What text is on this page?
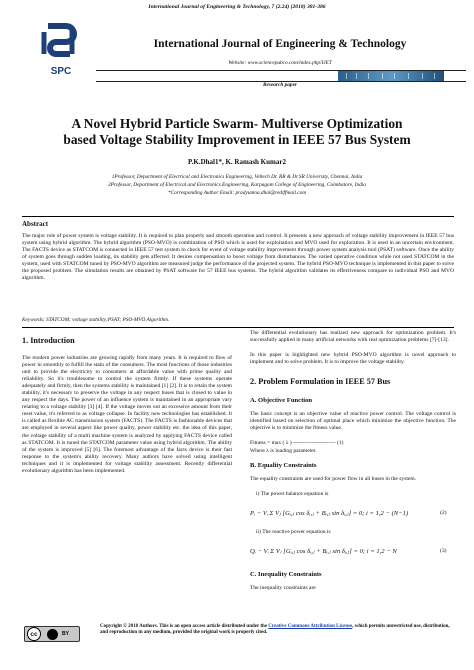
International Journal of Engineering & Technology, 7 (2.24) (2018) 381-386
SPC
International Journal of Engineering & Technology
Website: www.sciencepubco.com/index.php/IJET
Research paper
A Novel Hybrid Particle Swarm- Multiverse Optimization
based Voltage Stability Improvement in IEEE 57 Bus System
P.K.Dhal1*, K. Ramash Kumar2
1Professor, Department of Electrical and Electronics Engineering, Veltech Dr. RR & Dr.SR University, Chennai, India
2Professor, Department of Electrical and Electronics Engineering, Karpagam College of Engineering, Coimbatore, India
*Corresponding Author Email: pradyumna.dhal@rediffmail.com
Abstract
The major role of power system is voltage stability. It is required to plan properly and smooth operation and control. It presents a new approach of voltage stability improvement in IEEE 57 bus system using hybrid algorithm. The hybrid algorithm (PSO-MVO) is combination of PSO which is used for exploitation and MVO used for exploration. It is used in an uncertain environment. The FACTS device as STATCOM is connected in IEEE 57 test system to check for event of voltage stability improvement through power system analysis tool (PSAT) software. Once the ability of system goes through sudden loading, its stability gets affected. It desires compensation to boost voltage from disturbances. The varied operative condition while not used STATCOM in the system, used with STATCOM tuned by PSO-MVO algorithm are measured judge the performance of the projected system. The hybrid PSO-MVO technique is implemented in this paper to solve the proposed problem. The simulation results are obtained by PSAT software for 57 IEEE bus systems. The hybrid algorithm validates its effectiveness compare to individual PSO and MVO algorithm.
Keywords: STATCOM; voltage stability;PSAT; PSO-MVO Algorithm.
1. Introduction
The modern power industries are growing rapidly from many years. It is required to flow of power in smoothly to fulfill the stain of the consumers. The most functions of those industries unit to provide the electricity to consumers at affordable value with prime quality and reliability. So it's troublesome to control the system firmly. If these systems operate adequately and firmly, then the systems stability is maintained [1] [2]. It is to retain the system stability, it's necessary to preserve the voltage in any respect buses that is closed to value in any respect the days. The power of an influence system is maintained in an appropriate vary relating to a voltage stability [3] [4]. If the voltage moves out an excessive amount from their reset value, it's referred to as voltage collapse. In facility new technologies has established. It is called as flexible AC transmission system (FACTS). The FACTS is fashionable devices that are employed in several aspect like power quality, power stability etc. the idea of this paper, the voltage stability of a multi machine system is analyzed by applying FACTS device called as STATCOM. It is tuned the STATCOM parameter value using hybrid algorithm. The ability of the system is improved [5] [6]. The foremost advantage of the facts device is their fast response to the system's ability recovery. Many authors have solved using intelligent techniques and it is implemented for voltage stability assessment. Recently differential evolutionary algorithm has been implemented.
The differential evolutionary has realized new approach for optimization problem. It's successfully applied in many artificial networks with real optimization problems [7]-[13].
In this paper is highlighted new hybrid PSO-MVO algorithm is novel approach to implement and to solve problem. It is to improve the voltage stability.
2. Problem Formulation in IEEE 57 Bus
A. Objective Function
The basic concept is an objective value of reactive power control. The voltage control is identified based on selection of optimal place which minimize the objective function. The objective is to minimize the fitness value.
Fitness = max ( λ ) ----------------------- (1)
Where λ is loading parameter.
B. Equality Constraints
The equality constraints are used for power flow in all buses in the system.
i) The power balance equation is
Pᵢ − Vᵢ Σ Vⱼ [Gᵢ,ⱼ cos δᵢ,ⱼ + Bᵢ,ⱼ sin δᵢ,ⱼ] = 0; i = 1,2 − (N−1)	(2)
ii) The reactive power equation is
Qᵢ − Vᵢ Σ Vⱼ [Gᵢ,ⱼ cos δᵢ,ⱼ + Bᵢ,ⱼ sin δᵢ,ⱼ] = 0; i = 1,2 − N	(3)
C. Inequality Constraints
The inequality constraints are
cc	BY
Copyright © 2018 Authors. This is an open access article distributed under the Creative Commons Attribution License, which permits unrestricted use, distribution, and reproduction in any medium, provided the original work is properly cited.
